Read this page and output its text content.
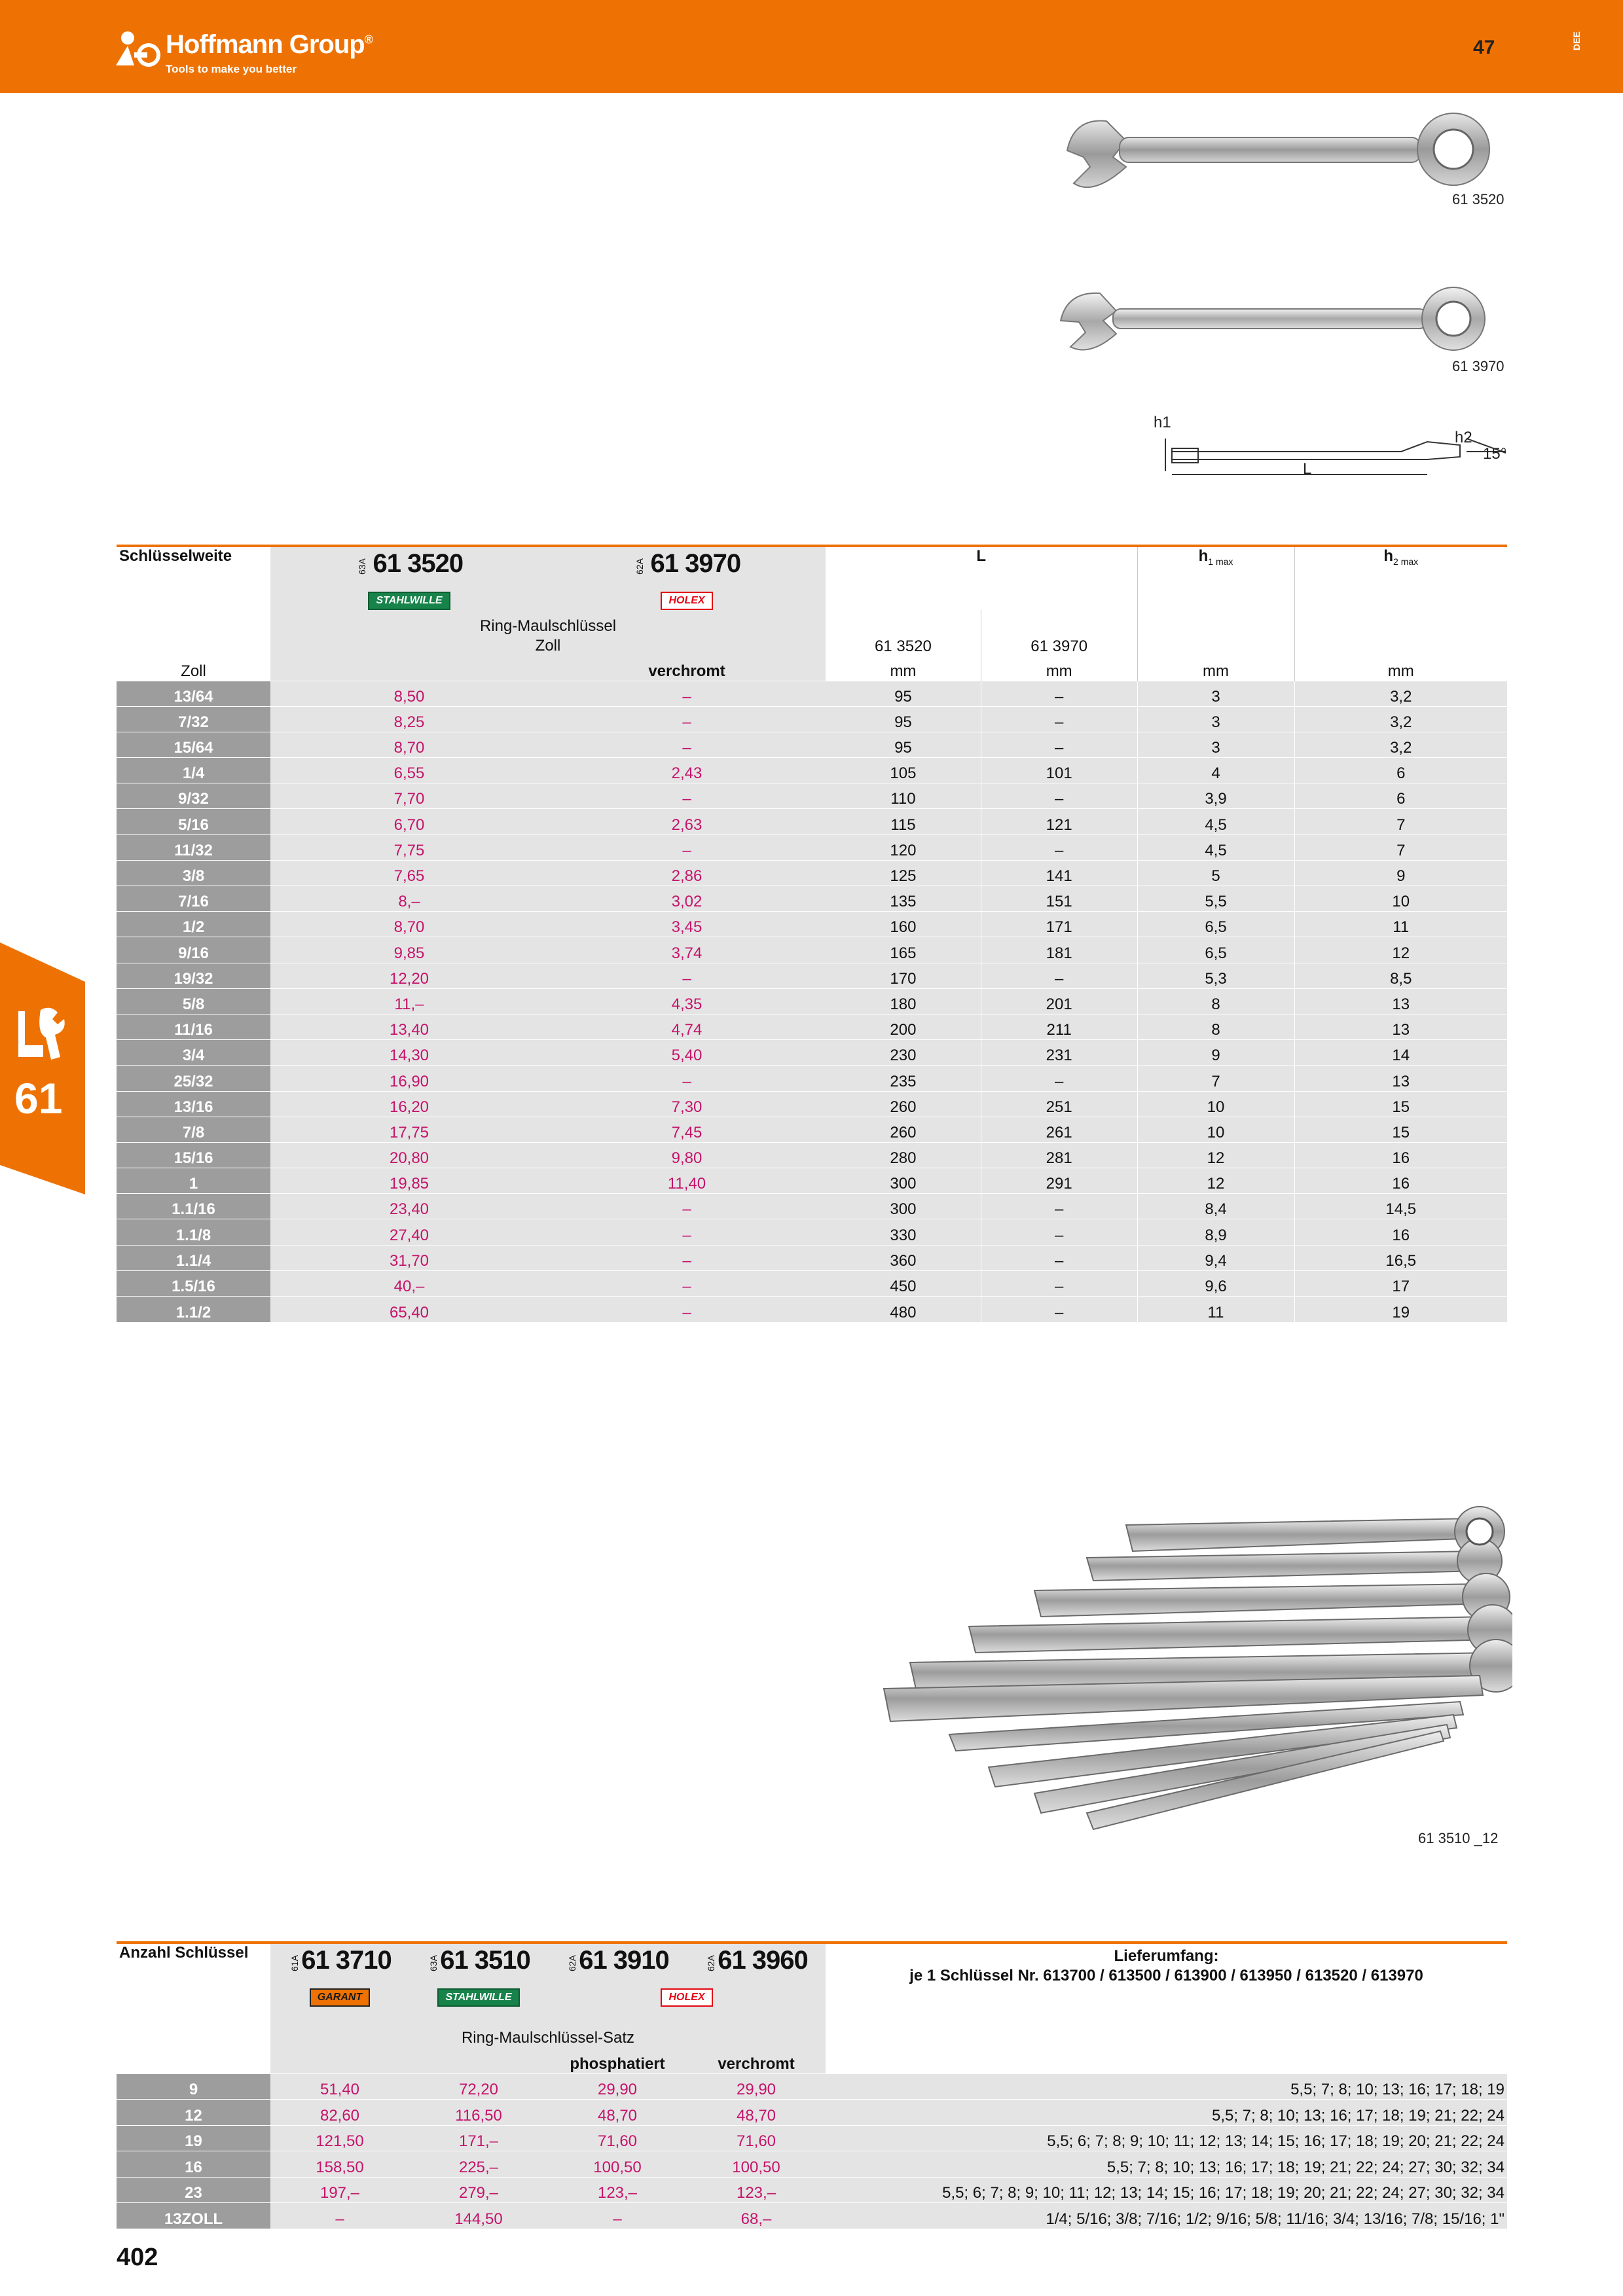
Hoffmann Group®
Tools to make you better
47	DEE
61
61 3520
61 3970
h1
h2
L
15°
Schlüsselweite	63A 61 3520	62A 61 3970	L		$h_{1 max}$	$h_{2 max}$
	STAHLWILLE	HOLEX				

	Ring-Maulschlüssel
Zoll		61 3520	61 3970		
Zoll		verchromt	mm	mm	mm	mm
13/64	8,50	–	95	–	3	3,2
7/32	8,25	–	95	–	3	3,2
15/64	8,70	–	95	–	3	3,2
1/4	6,55	2,43	105	101	4	6
9/32	7,70	–	110	–	3,9	6
5/16	6,70	2,63	115	121	4,5	7
11/32	7,75	–	120	–	4,5	7
3/8	7,65	2,86	125	141	5	9
7/16	8,–	3,02	135	151	5,5	10
1/2	8,70	3,45	160	171	6,5	11
9/16	9,85	3,74	165	181	6,5	12
19/32	12,20	–	170	–	5,3	8,5
5/8	11,–	4,35	180	201	8	13
11/16	13,40	4,74	200	211	8	13
3/4	14,30	5,40	230	231	9	14
25/32	16,90	–	235	–	7	13
13/16	16,20	7,30	260	251	10	15
7/8	17,75	7,45	260	261	10	15
15/16	20,80	9,80	280	281	12	16
1	19,85	11,40	300	291	12	16
1.1/16	23,40	–	300	–	8,4	14,5
1.1/8	27,40	–	330	–	8,9	16
1.1/4	31,70	–	360	–	9,4	16,5
1.5/16	40,–	–	450	–	9,6	17
1.1/2	65,40	–	480	–	11	19
61 3510 _12
Anzahl Schlüssel	61A61 3710	63A61 3510	62A61 3910	62A61 3960	Lieferumfang:
je 1 Schlüssel Nr. 613700 / 613500 / 613900 / 613950 / 613520 / 613970

	GARANT	STAHLWILLE	HOLEX		
	Ring-Maulschlüssel-Satz				
			phosphatiert	verchromt	
9	51,40	72,20	29,90	29,90	5,5; 7; 8; 10; 13; 16; 17; 18; 19
12	82,60	116,50	48,70	48,70	5,5; 7; 8; 10; 13; 16; 17; 18; 19; 21; 22; 24
19	121,50	171,–	71,60	71,60	5,5; 6; 7; 8; 9; 10; 11; 12; 13; 14; 15; 16; 17; 18; 19; 20; 21; 22; 24
16	158,50	225,–	100,50	100,50	5,5; 7; 8; 10; 13; 16; 17; 18; 19; 21; 22; 24; 27; 30; 32; 34
23	197,–	279,–	123,–	123,–	5,5; 6; 7; 8; 9; 10; 11; 12; 13; 14; 15; 16; 17; 18; 19; 20; 21; 22; 24; 27; 30; 32; 34
13ZOLL	–	144,50	–	68,–	1/4; 5/16; 3/8; 7/16; 1/2; 9/16; 5/8; 11/16; 3/4; 13/16; 7/8; 15/16; 1"
402
